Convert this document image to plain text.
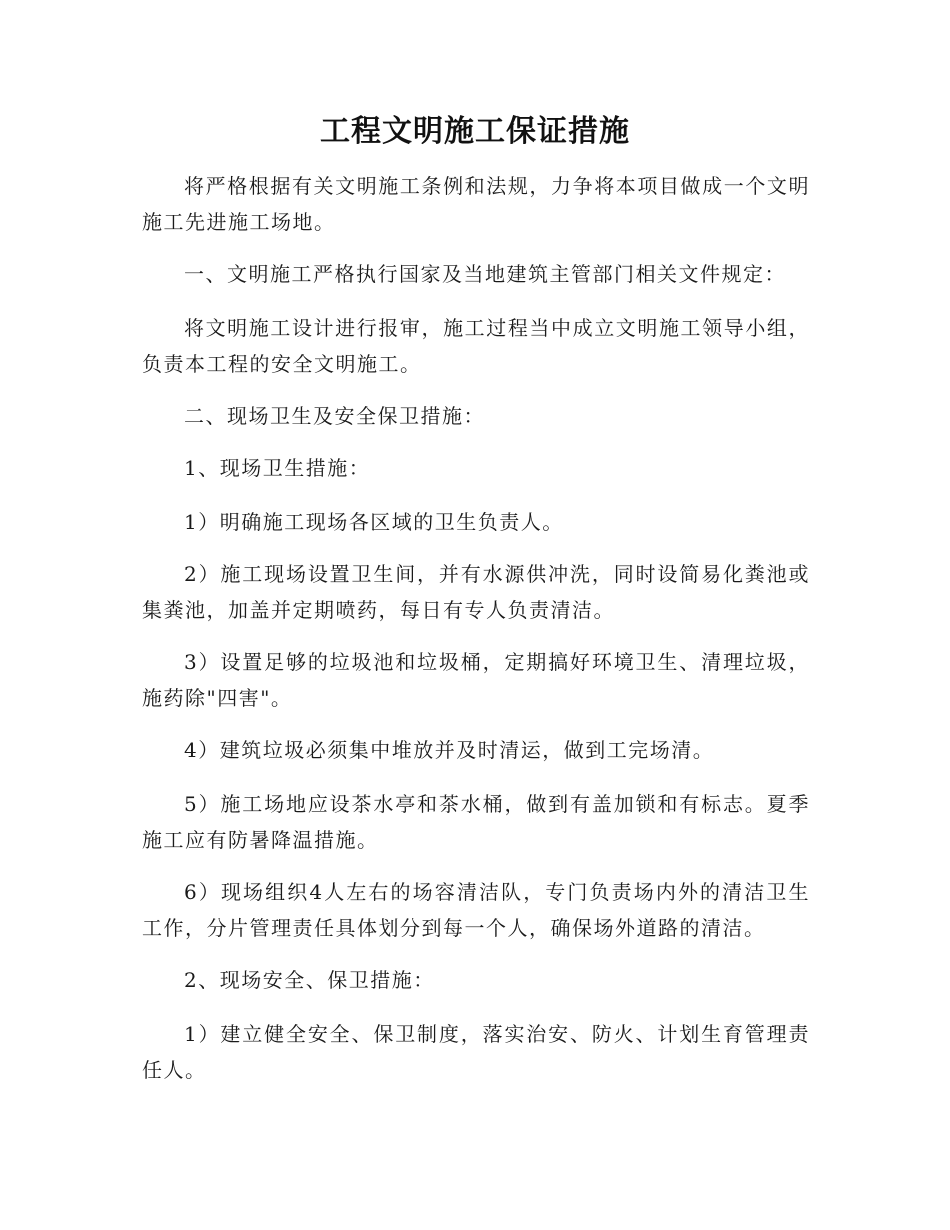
工程文明施工保证措施

将严格根据有关文明施工条例和法规，力争将本项目做成一个文明施工先进施工场地。

一、文明施工严格执行国家及当地建筑主管部门相关文件规定：

将文明施工设计进行报审，施工过程当中成立文明施工领导小组，负责本工程的安全文明施工。

二、现场卫生及安全保卫措施：

1、现场卫生措施：

1）明确施工现场各区域的卫生负责人。

2）施工现场设置卫生间，并有水源供冲洗，同时设简易化粪池或集粪池，加盖并定期喷药，每日有专人负责清洁。

3）设置足够的垃圾池和垃圾桶，定期搞好环境卫生、清理垃圾，施药除"四害"。

4）建筑垃圾必须集中堆放并及时清运，做到工完场清。

5）施工场地应设茶水亭和茶水桶，做到有盖加锁和有标志。夏季施工应有防暑降温措施。

6）现场组织4人左右的场容清洁队，专门负责场内外的清洁卫生工作，分片管理责任具体划分到每一个人，确保场外道路的清洁。

2、现场安全、保卫措施：

1）建立健全安全、保卫制度，落实治安、防火、计划生育管理责任人。
